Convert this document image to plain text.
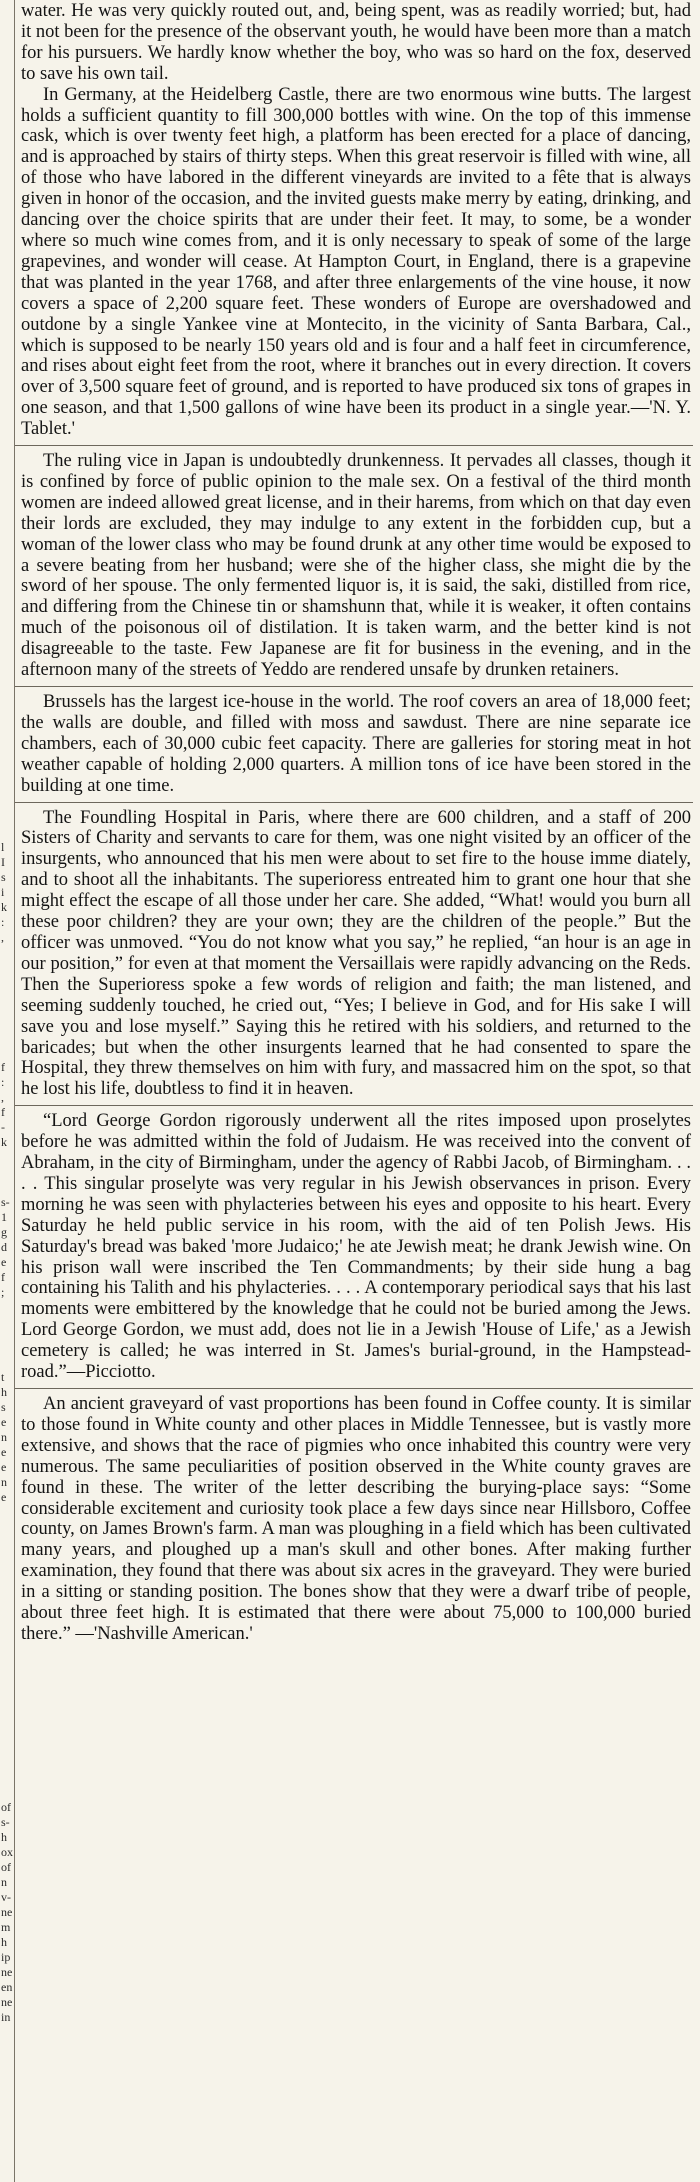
l
I
s
i
k
:
,
f
:
,
f
-
k
s-
1
g
d
e
f
;
t
h
s
e
n
e
e
n
e
of
s-
h
ox
of
n
v-
ne
m
h
ip
ne
en
ne
in

water. He was very quickly routed out, and, being spent, was as readily worried; but, had it not been for the presence of the observant youth, he would have been more than a match for his pursuers. We hardly know whether the boy, who was so hard on the fox, deserved to save his own tail.

In Germany, at the Heidelberg Castle, there are two enormous wine butts. The largest holds a sufficient quantity to fill 300,000 bottles with wine. On the top of this immense cask, which is over twenty feet high, a platform has been erected for a place of dancing, and is approached by stairs of thirty steps. When this great reservoir is filled with wine, all of those who have labored in the different vineyards are invited to a fête that is always given in honor of the occasion, and the invited guests make merry by eating, drinking, and dancing over the choice spirits that are under their feet. It may, to some, be a wonder where so much wine comes from, and it is only necessary to speak of some of the large grapevines, and wonder will cease. At Hampton Court, in England, there is a grapevine that was planted in the year 1768, and after three enlargements of the vine house, it now covers a space of 2,200 square feet. These wonders of Europe are overshadowed and outdone by a single Yankee vine at Montecito, in the vicinity of Santa Barbara, Cal., which is supposed to be nearly 150 years old and is four and a half feet in circumference, and rises about eight feet from the root, where it branches out in every direction. It covers over of 3,500 square feet of ground, and is reported to have produced six tons of grapes in one season, and that 1,500 gallons of wine have been its product in a single year.—'N. Y. Tablet.'

The ruling vice in Japan is undoubtedly drunkenness. It pervades all classes, though it is confined by force of public opinion to the male sex. On a festival of the third month women are indeed allowed great license, and in their harems, from which on that day even their lords are excluded, they may indulge to any extent in the forbidden cup, but a woman of the lower class who may be found drunk at any other time would be exposed to a severe beating from her husband; were she of the higher class, she might die by the sword of her spouse. The only fermented liquor is, it is said, the saki, distilled from rice, and differing from the Chinese tin or shamshunn that, while it is weaker, it often contains much of the poisonous oil of distilation. It is taken warm, and the better kind is not disagreeable to the taste. Few Japanese are fit for business in the evening, and in the afternoon many of the streets of Yeddo are rendered unsafe by drunken retainers.

Brussels has the largest ice-house in the world. The roof covers an area of 18,000 feet; the walls are double, and filled with moss and sawdust. There are nine separate ice chambers, each of 30,000 cubic feet capacity. There are galleries for storing meat in hot weather capable of holding 2,000 quarters. A million tons of ice have been stored in the building at one time.

The Foundling Hospital in Paris, where there are 600 children, and a staff of 200 Sisters of Charity and servants to care for them, was one night visited by an officer of the insurgents, who announced that his men were about to set fire to the house imme diately, and to shoot all the inhabitants. The superioress entreated him to grant one hour that she might effect the escape of all those under her care. She added, “What! would you burn all these poor children? they are your own; they are the children of the people.” But the officer was unmoved. “You do not know what you say,” he replied, “an hour is an age in our position,” for even at that moment the Versaillais were rapidly advancing on the Reds. Then the Superioress spoke a few words of religion and faith; the man listened, and seeming suddenly touched, he cried out, “Yes; I believe in God, and for His sake I will save you and lose myself.” Saying this he retired with his soldiers, and returned to the baricades; but when the other insurgents learned that he had consented to spare the Hospital, they threw themselves on him with fury, and massacred him on the spot, so that he lost his life, doubtless to find it in heaven.

“Lord George Gordon rigorously underwent all the rites imposed upon proselytes before he was admitted within the fold of Judaism. He was received into the convent of Abraham, in the city of Birmingham, under the agency of Rabbi Jacob, of Birmingham. . . . . This singular proselyte was very regular in his Jewish observances in prison. Every morning he was seen with phylacteries between his eyes and opposite to his heart. Every Saturday he held public service in his room, with the aid of ten Polish Jews. His Saturday's bread was baked 'more Judaico;' he ate Jewish meat; he drank Jewish wine. On his prison wall were inscribed the Ten Commandments; by their side hung a bag containing his Talith and his phylacteries. . . . A contemporary periodical says that his last moments were embittered by the knowledge that he could not be buried among the Jews. Lord George Gordon, we must add, does not lie in a Jewish 'House of Life,' as a Jewish cemetery is called; he was interred in St. James's burial-ground, in the Hampstead-road.”—Picciotto.

An ancient graveyard of vast proportions has been found in Coffee county. It is similar to those found in White county and other places in Middle Tennessee, but is vastly more extensive, and shows that the race of pigmies who once inhabited this country were very numerous. The same peculiarities of position observed in the White county graves are found in these. The writer of the letter describing the burying-place says: “Some considerable excitement and curiosity took place a few days since near Hillsboro, Coffee county, on James Brown's farm. A man was ploughing in a field which has been cultivated many years, and ploughed up a man's skull and other bones. After making further examination, they found that there was about six acres in the graveyard. They were buried in a sitting or standing position. The bones show that they were a dwarf tribe of people, about three feet high. It is estimated that there were about 75,000 to 100,000 buried there.” —'Nashville American.'
